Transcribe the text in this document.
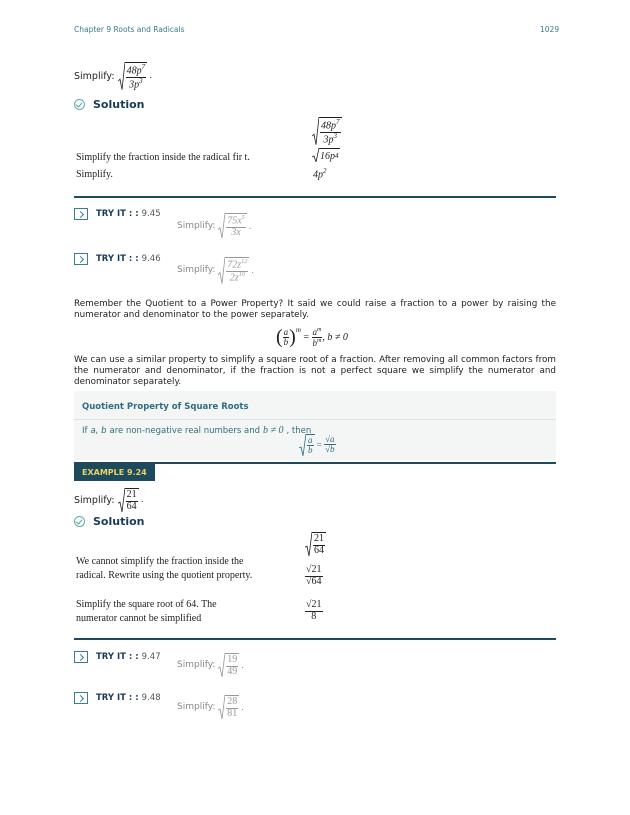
Chapter 9 Roots and Radicals	1029
Simplify:
$\frac{48p^7}{3p^3}$ .
Solution
$\frac{48p^7}{3p^3}$
Simplify the fraction inside the radical fir t.	16p 4
Simplify.	$4p^2$
TRY IT : : 9.45
Simplify:
$\frac{75x^5}{3x}$ .
TRY IT : : 9.46
Simplify:
$\frac{72z^{12}}{2z^{10}}$ .
Remember the Quotient to a Power Property? It said we could raise a fraction to a power by raising the numerator and denominator to the power separately.
( $\frac{a}{b} )^m$
= $\frac{a^m}{b^m}$ , b ≠ 0
We can use a similar property to simplify a square root of a fraction. After removing all common factors from the numerator and denominator, if the fraction is not a perfect square we simplify the numerator and denominator separately.
Quotient Property of Square Roots
If a, b are non-negative real numbers and b ≠ 0 , then
$\frac{a}{b} = \frac{√a}{√b}$
EXAMPLE 9.24
Simplify:
$\frac{21}{64}$ .
Solution
$\frac{21}{64}$
We cannot simplify the fraction inside the radical. Rewrite using the quotient property.	$\frac{√21}{√64}$
Simplify the square root of 64. The numerator cannot be simplified	$\frac{√21}{8}$
TRY IT : : 9.47
Simplify:
$\frac{19}{49}$ .
TRY IT : : 9.48
Simplify:
$\frac{28}{81}$ .
